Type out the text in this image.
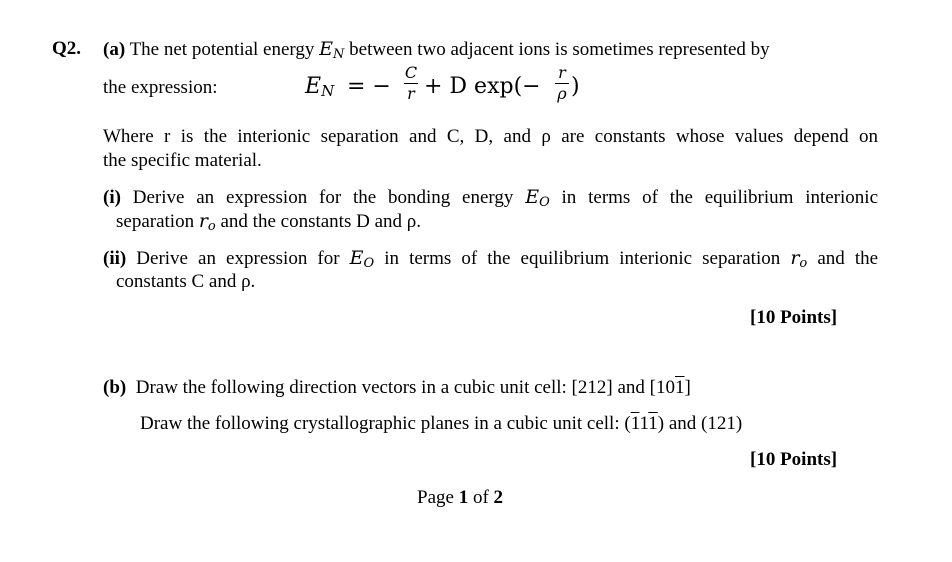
Q2. (a) The net potential energy $E_N$ between two adjacent ions is sometimes represented by
the expression:	$E_N$ = −
C
r + D exp(−
r
ρ )
Where r is the interionic separation and C, D, and ρ are constants whose values depend on
the specific material.
(i) Derive an expression for the bonding energy $E_O$ in terms of the equilibrium interionic
separation $r_o$ and the constants D and ρ.
(ii) Derive an expression for $E_O$ in terms of the equilibrium interionic separation $r_o$ and the
constants C and ρ.
[10 Points]
(b) Draw the following direction vectors in a cubic unit cell: [212] and [101]
Draw the following crystallographic planes in a cubic unit cell: (111) and (121)
[10 Points]
Page 1 of 2
